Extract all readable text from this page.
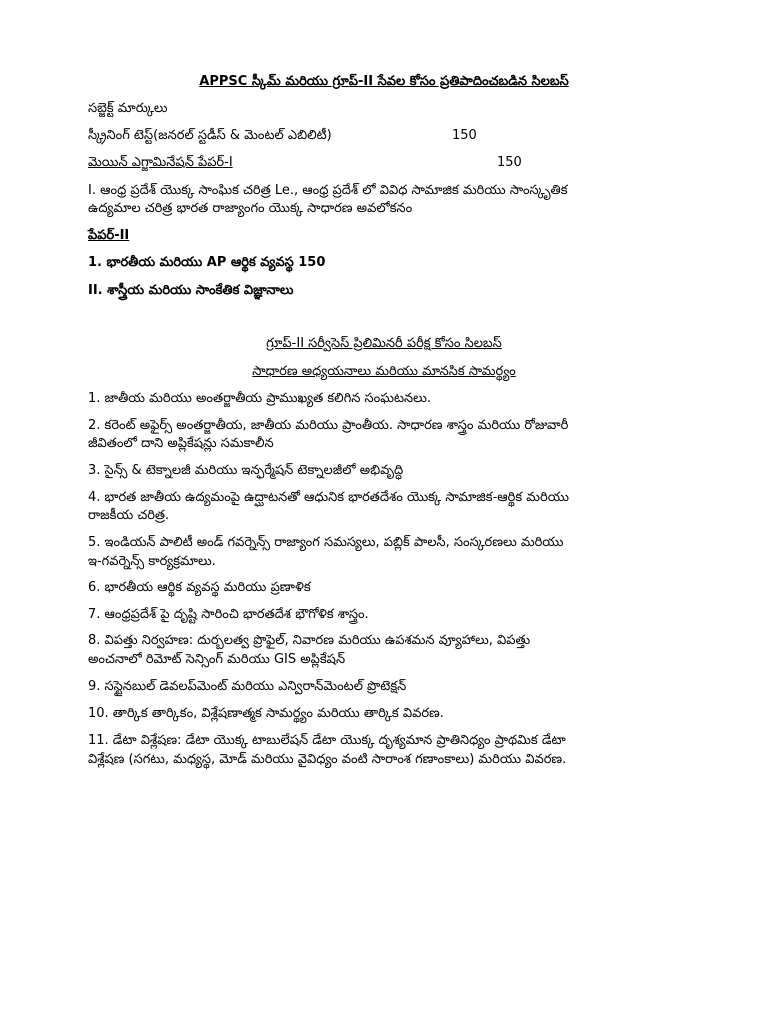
APPSC స్కీమ్ మరియు గ్రూప్-II సేవల కోసం ప్రతిపాదించబడిన సిలబస్
సబ్జెక్ట్ మార్కులు
స్క్రీనింగ్ టెస్ట్(జనరల్ స్టడీస్ & మెంటల్ ఎబిలిటీ)	150
మెయిన్ ఎగ్జామినేషన్ పేపర్-I	150
I. ఆంధ్ర ప్రదేశ్ యొక్క సాంఘిక చరిత్ర Le., ఆంధ్ర ప్రదేశ్ లో వివిధ సామాజిక మరియు సాంస్కృతిక
ఉద్యమాల చరిత్ర భారత రాజ్యాంగం యొక్క సాధారణ అవలోకనం
పేపర్-II
1. భారతీయ మరియు AP ఆర్థిక వ్యవస్థ 150
II. శాస్త్రీయ మరియు సాంకేతిక విజ్ఞానాలు
గ్రూప్-II సర్వీసెస్ ప్రిలిమినరీ పరీక్ష కోసం సిలబస్
సాధారణ అధ్యయనాలు మరియు మానసిక సామర్థ్యం
1. జాతీయ మరియు అంతర్జాతీయ ప్రాముఖ్యత కలిగిన సంఘటనలు.
2. కరెంట్ అఫైర్స్ అంతర్జాతీయ, జాతీయ మరియు ప్రాంతీయ. సాధారణ శాస్త్రం మరియు రోజువారీ
జీవితంలో దాని అప్లికేషన్లు సమకాలీన
3. సైన్స్ & టెక్నాలజీ మరియు ఇన్ఫర్మేషన్ టెక్నాలజీలో అభివృద్ధి
4. భారత జాతీయ ఉద్యమంపై ఉద్ఘాటనతో ఆధునిక భారతదేశం యొక్క సామాజిక-ఆర్థిక మరియు
రాజకీయ చరిత్ర.
5. ఇండియన్ పాలిటీ అండ్ గవర్నెన్స్ రాజ్యాంగ సమస్యలు, పబ్లిక్ పాలసీ, సంస్కరణలు మరియు
ఇ-గవర్నెన్స్ కార్యక్రమాలు.
6. భారతీయ ఆర్థిక వ్యవస్థ మరియు ప్రణాళిక
7. ఆంధ్రప్రదేశ్ పై దృష్టి సారించి భారతదేశ భౌగోళిక శాస్త్రం.
8. విపత్తు నిర్వహణ: దుర్బలత్వ ప్రొఫైల్, నివారణ మరియు ఉపశమన వ్యూహాలు, విపత్తు
అంచనాలో రిమోట్ సెన్సింగ్ మరియు GIS అప్లికేషన్
9. సస్టైనబుల్ డెవలప్‌మెంట్ మరియు ఎన్విరాన్‌మెంటల్ ప్రొటెక్షన్
10. తార్కిక తార్కికం, విశ్లేషణాత్మక సామర్థ్యం మరియు తార్కిక వివరణ.
11. డేటా విశ్లేషణ: డేటా యొక్క టాబులేషన్ డేటా యొక్క దృశ్యమాన ప్రాతినిధ్యం ప్రాథమిక డేటా
విశ్లేషణ (సగటు, మధ్యస్థ, మోడ్ మరియు వైవిధ్యం వంటి సారాంశ గణాంకాలు) మరియు వివరణ.
